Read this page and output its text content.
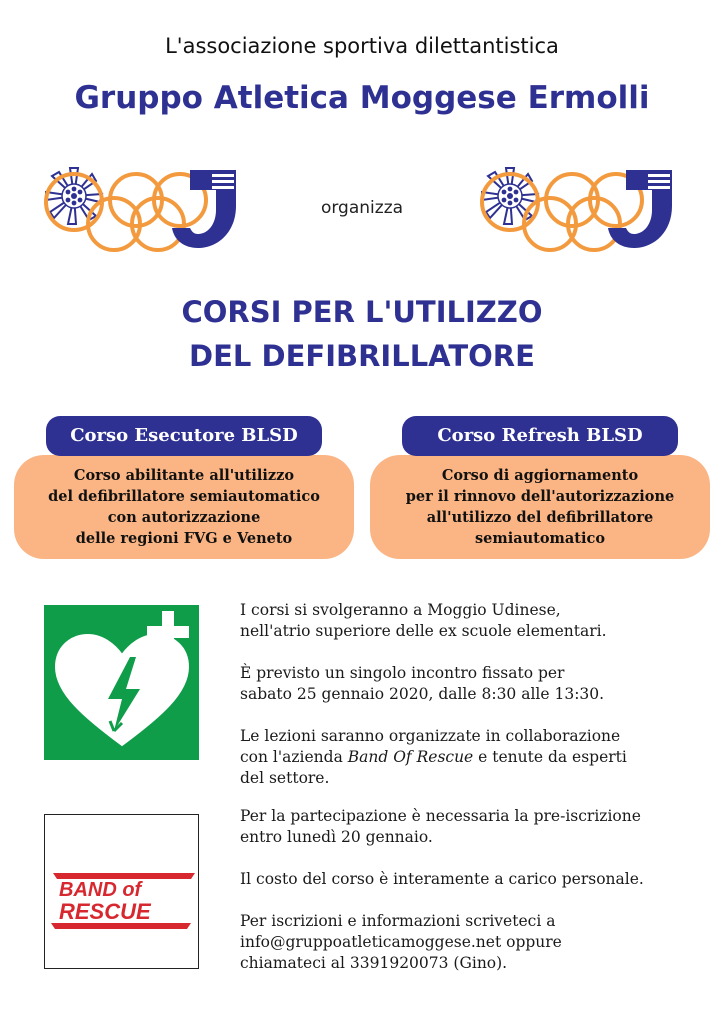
L'associazione sportiva dilettantistica
Gruppo Atletica Moggese Ermolli
organizza
CORSI PER L'UTILIZZO
DEL DEFIBRILLATORE
Corso Esecutore BLSD
Corso abilitante all'utilizzo
del defibrillatore semiautomatico
con autorizzazione
delle regioni FVG e Veneto
Corso Refresh BLSD
Corso di aggiornamento
per il rinnovo dell'autorizzazione
all'utilizzo del defibrillatore
semiautomatico
BAND of
RESCUE

I corsi si svolgeranno a Moggio Udinese,
nell'atrio superiore delle ex scuole elementari.

È previsto un singolo incontro fissato per
sabato 25 gennaio 2020, dalle 8:30 alle 13:30.

Le lezioni saranno organizzate in collaborazione
con l'azienda Band Of Rescue e tenute da esperti
del settore.

Per la partecipazione è necessaria la pre-iscrizione
entro lunedì 20 gennaio.

Il costo del corso è interamente a carico personale.

Per iscrizioni e informazioni scriveteci a
info@gruppoatleticamoggese.net oppure
chiamateci al 3391920073 (Gino).
